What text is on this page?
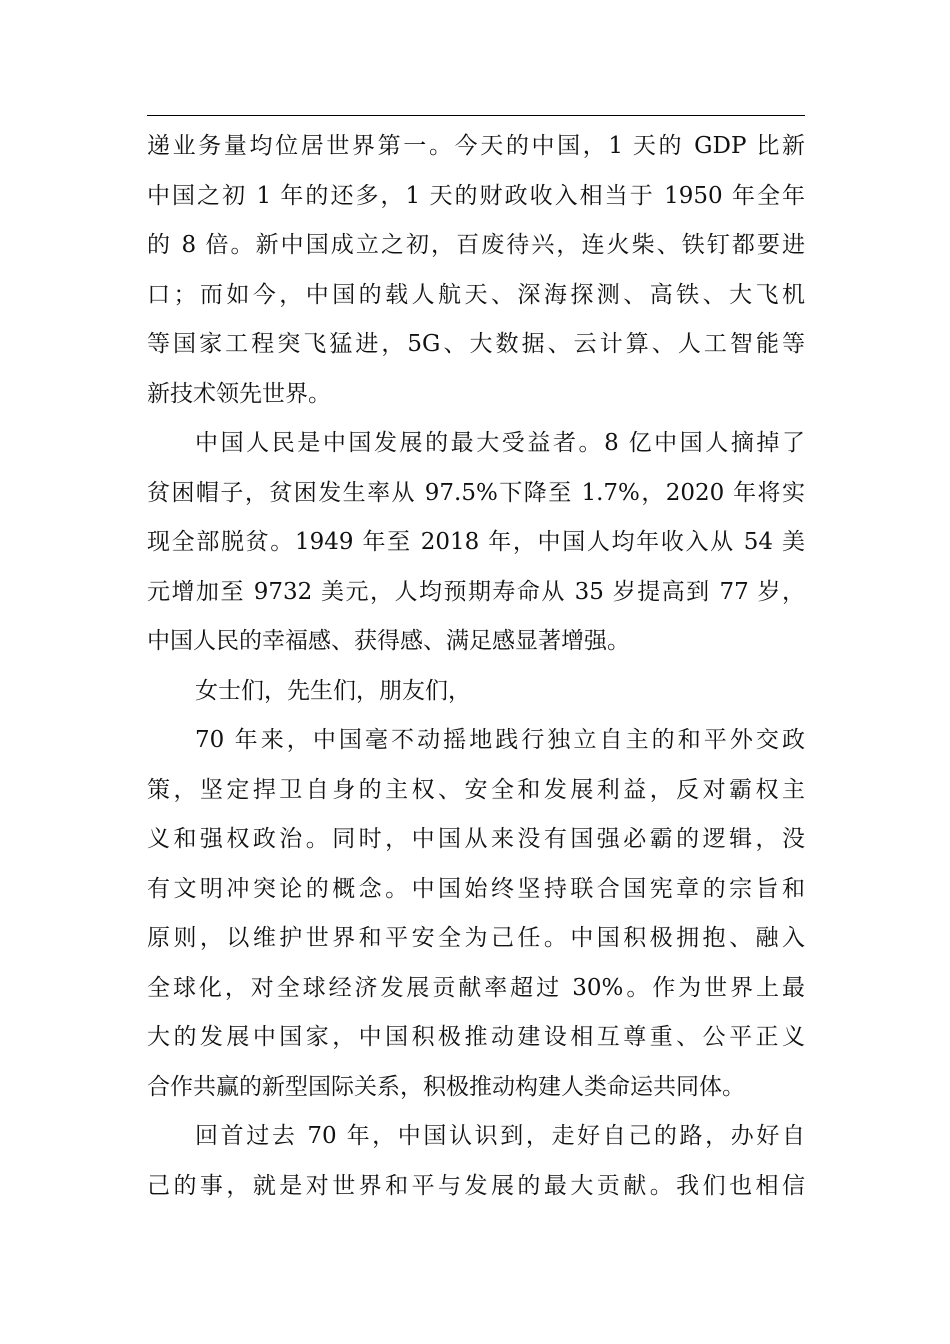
递业务量均位居世界第一。今天的中国，1 天的 GDP 比新
中国之初 1 年的还多，1 天的财政收入相当于 1950 年全年
的 8 倍。新中国成立之初，百废待兴，连火柴、铁钉都要进
口；而如今，中国的载人航天、深海探测、高铁、大飞机
等国家工程突飞猛进，5G、大数据、云计算、人工智能等
新技术领先世界。
中国人民是中国发展的最大受益者。8 亿中国人摘掉了
贫困帽子，贫困发生率从 97.5%下降至 1.7%，2020 年将实
现全部脱贫。1949 年至 2018 年，中国人均年收入从 54 美
元增加至 9732 美元，人均预期寿命从 35 岁提高到 77 岁，
中国人民的幸福感、获得感、满足感显著增强。
女士们，先生们，朋友们，
70 年来，中国毫不动摇地践行独立自主的和平外交政
策，坚定捍卫自身的主权、安全和发展利益，反对霸权主
义和强权政治。同时，中国从来没有国强必霸的逻辑，没
有文明冲突论的概念。中国始终坚持联合国宪章的宗旨和
原则，以维护世界和平安全为己任。中国积极拥抱、融入
全球化，对全球经济发展贡献率超过 30%。作为世界上最
大的发展中国家，中国积极推动建设相互尊重、公平正义
合作共赢的新型国际关系，积极推动构建人类命运共同体。
回首过去 70 年，中国认识到，走好自己的路，办好自
己的事，就是对世界和平与发展的最大贡献。我们也相信
